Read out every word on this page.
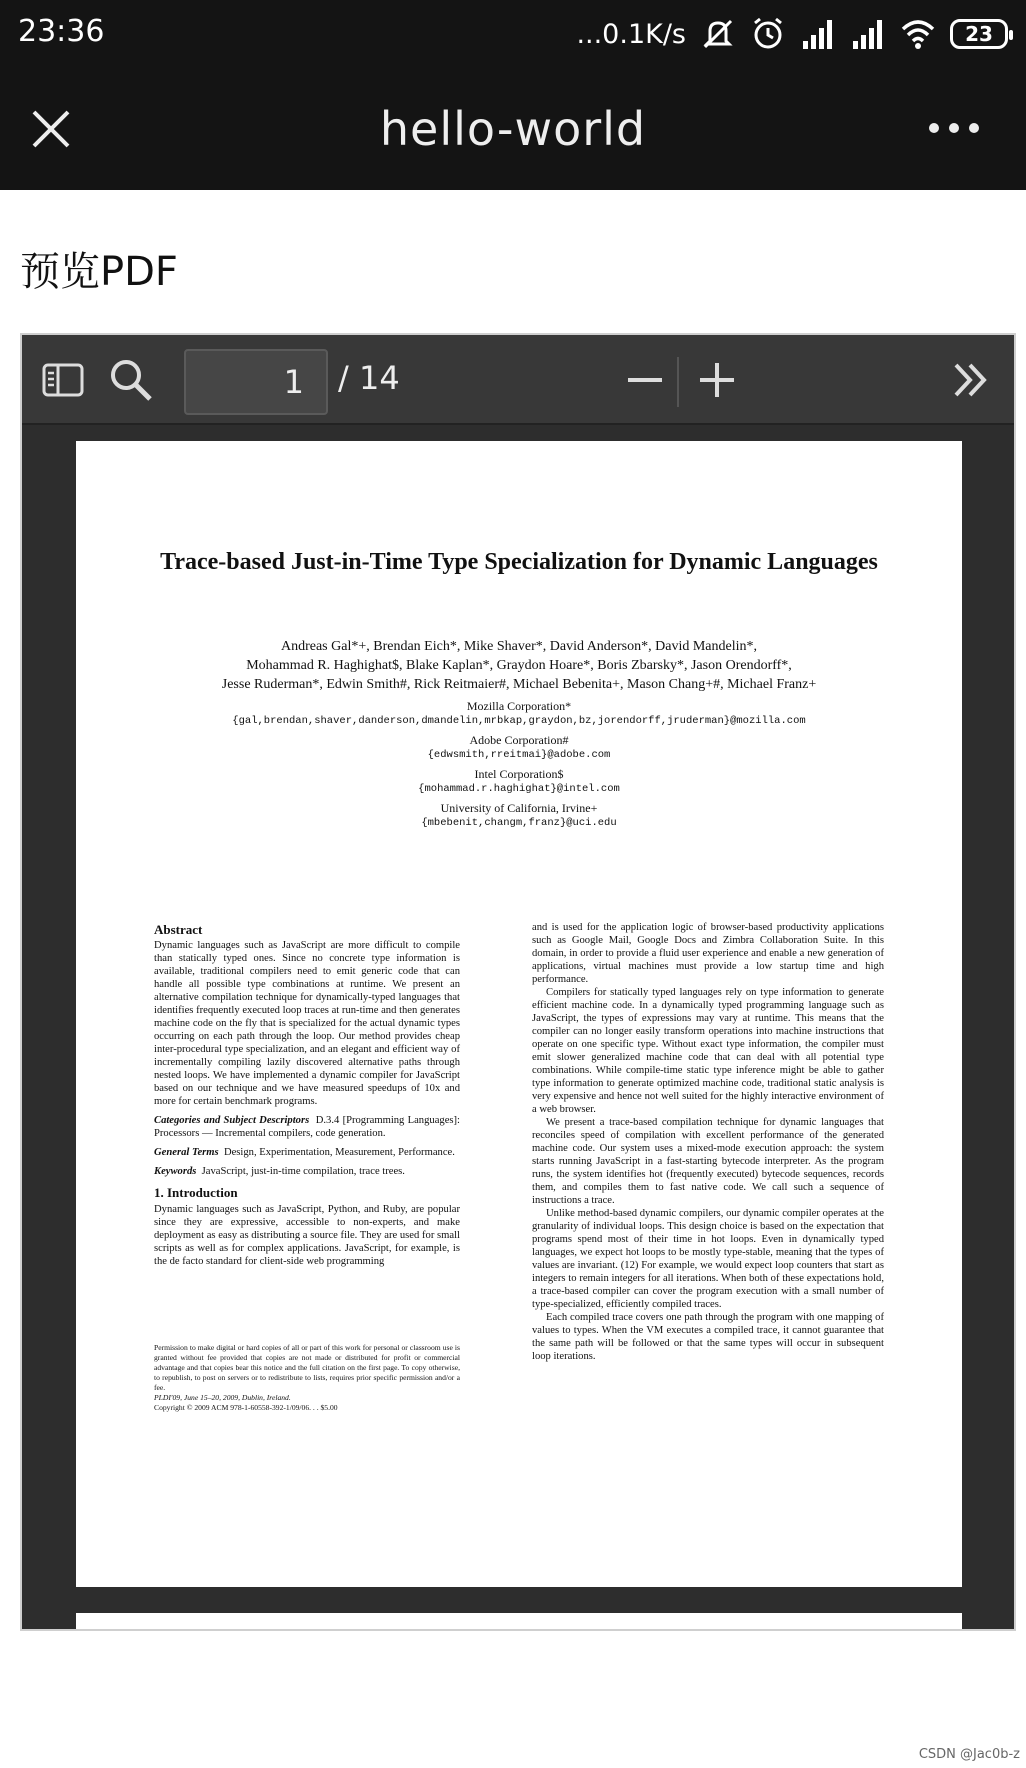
23:36	...0.1K/s	23
hello-world
预览PDF
1	/ 14
Trace-based Just-in-Time Type Specialization for Dynamic Languages
Andreas Gal*+, Brendan Eich*, Mike Shaver*, David Anderson*, David Mandelin*,
Mohammad R. Haghighat$, Blake Kaplan*, Graydon Hoare*, Boris Zbarsky*, Jason Orendorff*,
Jesse Ruderman*, Edwin Smith#, Rick Reitmaier#, Michael Bebenita+, Mason Chang+#, Michael Franz+
Mozilla Corporation*
{gal,brendan,shaver,danderson,dmandelin,mrbkap,graydon,bz,jorendorff,jruderman}@mozilla.com
Adobe Corporation#
{edwsmith,rreitmai}@adobe.com
Intel Corporation$
{mohammad.r.haghighat}@intel.com
University of California, Irvine+
{mbebenit,changm,franz}@uci.edu
Abstract

Dynamic languages such as JavaScript are more difficult to compile than statically typed ones. Since no concrete type information is available, traditional compilers need to emit generic code that can handle all possible type combinations at runtime. We present an alternative compilation technique for dynamically-typed languages that identifies frequently executed loop traces at run-time and then generates machine code on the fly that is specialized for the actual dynamic types occurring on each path through the loop. Our method provides cheap inter-procedural type specialization, and an elegant and efficient way of incrementally compiling lazily discovered alternative paths through nested loops. We have implemented a dynamic compiler for JavaScript based on our technique and we have measured speedups of 10x and more for certain benchmark programs.

Categories and Subject Descriptors D.3.4 [Programming Languages]: Processors — Incremental compilers, code generation.

General Terms Design, Experimentation, Measurement, Performance.

Keywords JavaScript, just-in-time compilation, trace trees.

1. Introduction

Dynamic languages such as JavaScript, Python, and Ruby, are popular since they are expressive, accessible to non-experts, and make deployment as easy as distributing a source file. They are used for small scripts as well as for complex applications. JavaScript, for example, is the de facto standard for client-side web programming

Permission to make digital or hard copies of all or part of this work for personal or classroom use is granted without fee provided that copies are not made or distributed for profit or commercial advantage and that copies bear this notice and the full citation on the first page. To copy otherwise, to republish, to post on servers or to redistribute to lists, requires prior specific permission and/or a fee.
PLDI'09, June 15–20, 2009, Dublin, Ireland.
Copyright © 2009 ACM 978-1-60558-392-1/09/06. . . $5.00

and is used for the application logic of browser-based productivity applications such as Google Mail, Google Docs and Zimbra Collaboration Suite. In this domain, in order to provide a fluid user experience and enable a new generation of applications, virtual machines must provide a low startup time and high performance.

Compilers for statically typed languages rely on type information to generate efficient machine code. In a dynamically typed programming language such as JavaScript, the types of expressions may vary at runtime. This means that the compiler can no longer easily transform operations into machine instructions that operate on one specific type. Without exact type information, the compiler must emit slower generalized machine code that can deal with all potential type combinations. While compile-time static type inference might be able to gather type information to generate optimized machine code, traditional static analysis is very expensive and hence not well suited for the highly interactive environment of a web browser.

We present a trace-based compilation technique for dynamic languages that reconciles speed of compilation with excellent performance of the generated machine code. Our system uses a mixed-mode execution approach: the system starts running JavaScript in a fast-starting bytecode interpreter. As the program runs, the system identifies hot (frequently executed) bytecode sequences, records them, and compiles them to fast native code. We call such a sequence of instructions a trace.

Unlike method-based dynamic compilers, our dynamic compiler operates at the granularity of individual loops. This design choice is based on the expectation that programs spend most of their time in hot loops. Even in dynamically typed languages, we expect hot loops to be mostly type-stable, meaning that the types of values are invariant. (12) For example, we would expect loop counters that start as integers to remain integers for all iterations. When both of these expectations hold, a trace-based compiler can cover the program execution with a small number of type-specialized, efficiently compiled traces.

Each compiled trace covers one path through the program with one mapping of values to types. When the VM executes a compiled trace, it cannot guarantee that the same path will be followed or that the same types will occur in subsequent loop iterations.

CSDN @Jac0b-z
